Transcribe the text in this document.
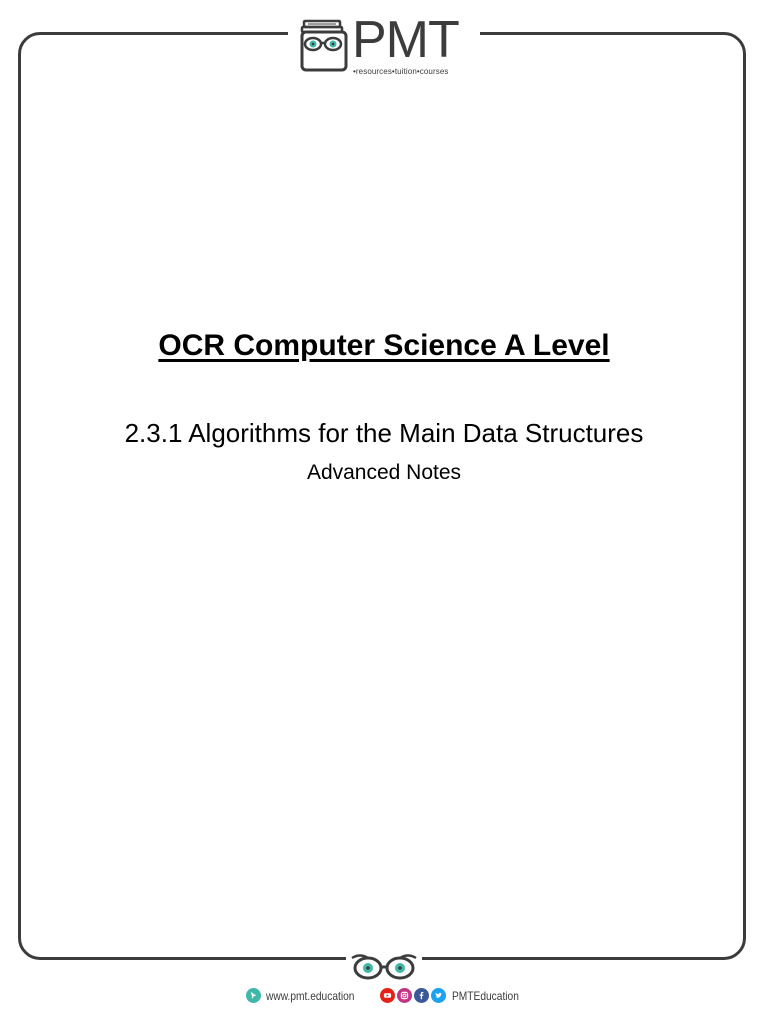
PMT
•resources•tuition•courses
OCR Computer Science A Level
2.3.1 Algorithms for the Main Data Structures
Advanced Notes
www.pmt.education	PMTEducation
